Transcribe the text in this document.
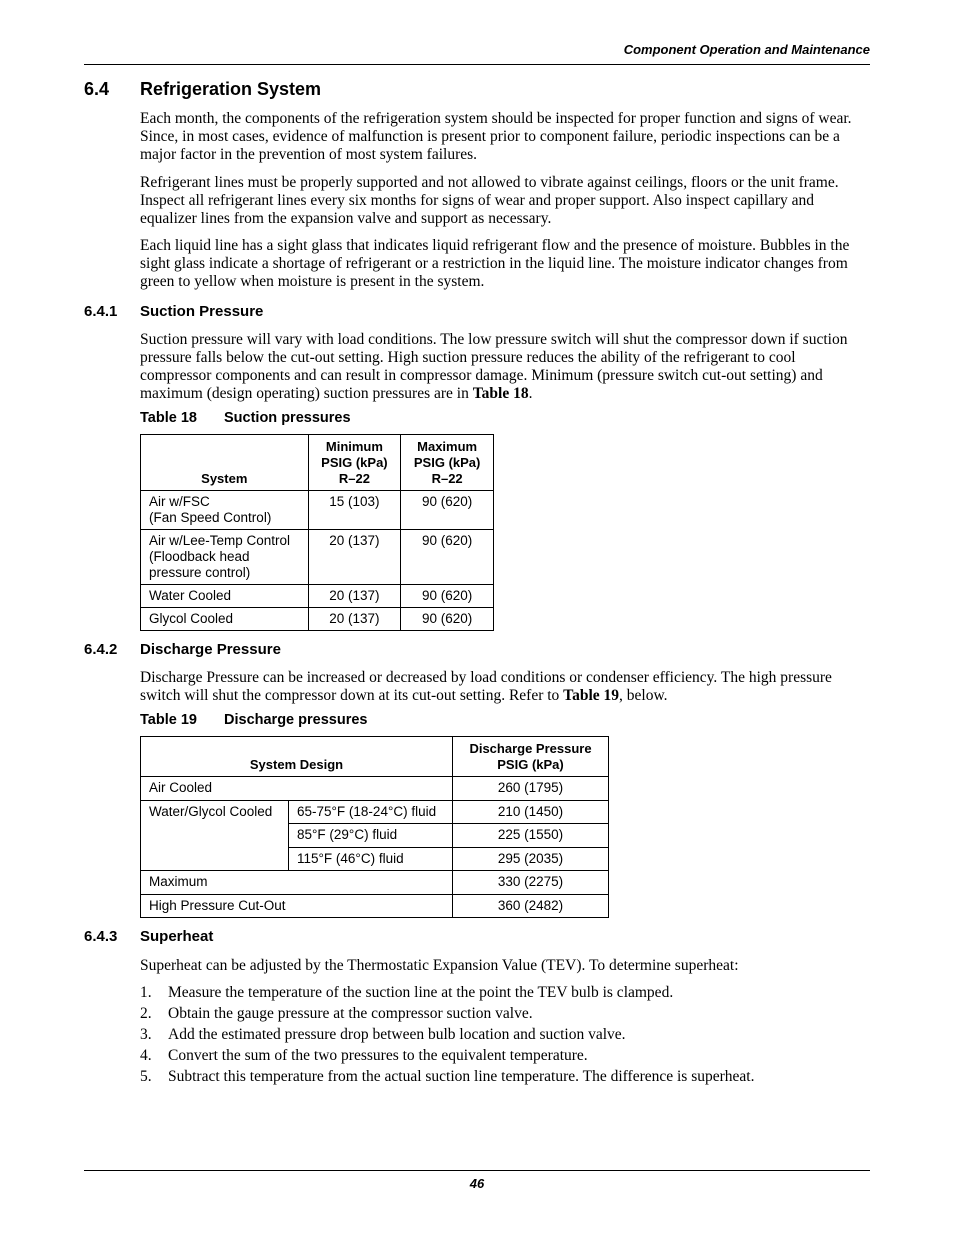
Component Operation and Maintenance
6.4 Refrigeration System
Each month, the components of the refrigeration system should be inspected for proper function and signs of wear. Since, in most cases, evidence of malfunction is present prior to component failure, periodic inspections can be a major factor in the prevention of most system failures.
Refrigerant lines must be properly supported and not allowed to vibrate against ceilings, floors or the unit frame. Inspect all refrigerant lines every six months for signs of wear and proper support. Also inspect capillary and equalizer lines from the expansion valve and support as necessary.
Each liquid line has a sight glass that indicates liquid refrigerant flow and the presence of moisture. Bubbles in the sight glass indicate a shortage of refrigerant or a restriction in the liquid line. The moisture indicator changes from green to yellow when moisture is present in the system.
6.4.1 Suction Pressure
Suction pressure will vary with load conditions. The low pressure switch will shut the compressor down if suction pressure falls below the cut-out setting. High suction pressure reduces the ability of the refrigerant to cool compressor components and can result in compressor damage. Minimum (pressure switch cut-out setting) and maximum (design operating) suction pressures are in Table 18.
Table 18 Suction pressures
System	Minimum PSIG (kPa) R–22	Maximum PSIG (kPa) R–22
Air w/FSC
(Fan Speed Control)	15 (103)	90 (620)
Air w/Lee-Temp Control
(Floodback head
pressure control)	20 (137)	90 (620)
Water Cooled	20 (137)	90 (620)
Glycol Cooled	20 (137)	90 (620)
6.4.2 Discharge Pressure
Discharge Pressure can be increased or decreased by load conditions or condenser efficiency. The high pressure switch will shut the compressor down at its cut-out setting. Refer to Table 19, below.
Table 19 Discharge pressures
System Design		Discharge Pressure PSIG (kPa)
Air Cooled		260 (1795)
Water/Glycol Cooled	65-75°F (18-24°C) fluid	210 (1450)
	85°F (29°C) fluid	225 (1550)
	115°F (46°C) fluid	295 (2035)
Maximum		330 (2275)
High Pressure Cut-Out		360 (2482)
6.4.3 Superheat
Superheat can be adjusted by the Thermostatic Expansion Value (TEV). To determine superheat:
1. Measure the temperature of the suction line at the point the TEV bulb is clamped.
2. Obtain the gauge pressure at the compressor suction valve.
3. Add the estimated pressure drop between bulb location and suction valve.
4. Convert the sum of the two pressures to the equivalent temperature.
5. Subtract this temperature from the actual suction line temperature. The difference is superheat.
46
